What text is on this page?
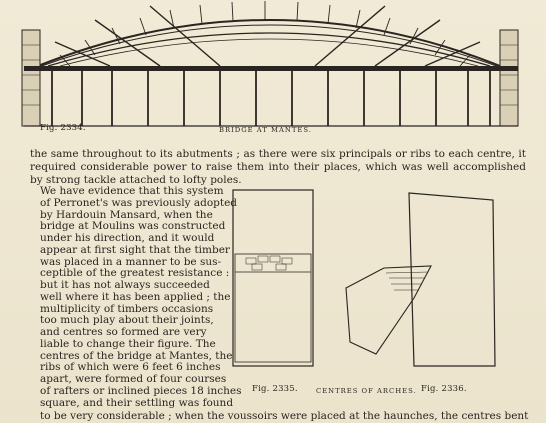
Fig. 2334.	BRIDGE AT MANTES.
the same throughout to its abutments ; as there were six principals or ribs to each centre, it required considerable power to raise them into their places, which was well accomplished by strong tackle attached to lofty poles.
We have evidence that this system
of Perronet's was previously adopted
by Hardouin Mansard, when the
bridge at Moulins was constructed
under his direction, and it would
appear at first sight that the timber
was placed in a manner to be sus-
ceptible of the greatest resistance :
but it has not always succeeded
well where it has been applied ; the
multiplicity of timbers occasions
too much play about their joints,
and centres so formed are very
liable to change their figure. The
centres of the bridge at Mantes, the
ribs of which were 6 feet 6 inches
apart, were formed of four courses
of rafters or inclined pieces 18 inches
square, and their settling was found
Fig. 2335.	CENTRES OF ARCHES. Fig. 2336.
to be very considerable ; when the voussoirs were placed at the haunches, the centres bent
